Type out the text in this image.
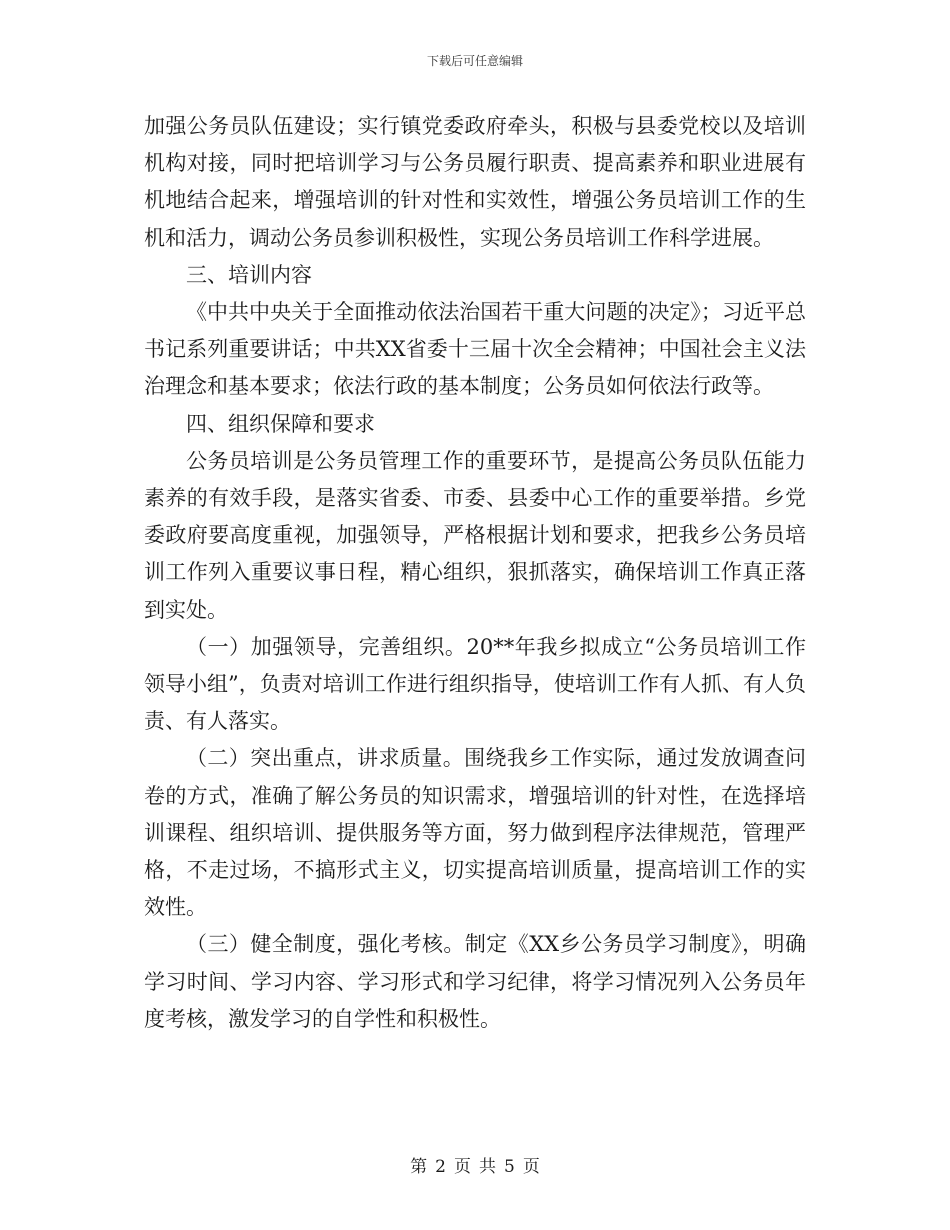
下载后可任意编辑

加强公务员队伍建设；实行镇党委政府牵头，积极与县委党校以及培训机构对接，同时把培训学习与公务员履行职责、提高素养和职业进展有机地结合起来，增强培训的针对性和实效性，增强公务员培训工作的生机和活力，调动公务员参训积极性，实现公务员培训工作科学进展。

三、培训内容

《中共中央关于全面推动依法治国若干重大问题的决定》；习近平总书记系列重要讲话；中共XX省委十三届十次全会精神；中国社会主义法治理念和基本要求；依法行政的基本制度；公务员如何依法行政等。

四、组织保障和要求

公务员培训是公务员管理工作的重要环节，是提高公务员队伍能力素养的有效手段，是落实省委、市委、县委中心工作的重要举措。乡党委政府要高度重视，加强领导，严格根据计划和要求，把我乡公务员培训工作列入重要议事日程，精心组织，狠抓落实，确保培训工作真正落到实处。

（一）加强领导，完善组织。20**年我乡拟成立“公务员培训工作领导小组”，负责对培训工作进行组织指导，使培训工作有人抓、有人负责、有人落实。

（二）突出重点，讲求质量。围绕我乡工作实际，通过发放调查问卷的方式，准确了解公务员的知识需求，增强培训的针对性，在选择培训课程、组织培训、提供服务等方面，努力做到程序法律规范，管理严格，不走过场，不搞形式主义，切实提高培训质量，提高培训工作的实效性。

（三）健全制度，强化考核。制定《XX乡公务员学习制度》，明确学习时间、学习内容、学习形式和学习纪律，将学习情况列入公务员年度考核，激发学习的自学性和积极性。

第 2 页 共 5 页
